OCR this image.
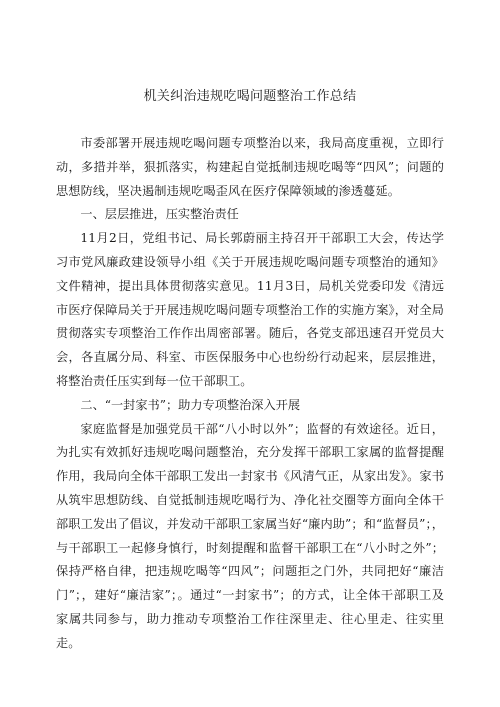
机关纠治违规吃喝问题整治工作总结

市委部署开展违规吃喝问题专项整治以来，我局高度重视，立即行动，多措并举，狠抓落实，构建起自觉抵制违规吃喝等“四风”；问题的思想防线，坚决遏制违规吃喝歪风在医疗保障领域的渗透蔓延。

一、层层推进，压实整治责任

11月2日，党组书记、局长郭蔚丽主持召开干部职工大会，传达学习市党风廉政建设领导小组《关于开展违规吃喝问题专项整治的通知》文件精神，提出具体贯彻落实意见。11月3日，局机关党委印发《清远市医疗保障局关于开展违规吃喝问题专项整治工作的实施方案》，对全局贯彻落实专项整治工作作出周密部署。随后，各党支部迅速召开党员大会，各直属分局、科室、市医保服务中心也纷纷行动起来，层层推进，将整治责任压实到每一位干部职工。

二、“一封家书”；助力专项整治深入开展

家庭监督是加强党员干部“八小时以外”；监督的有效途径。近日，为扎实有效抓好违规吃喝问题整治，充分发挥干部职工家属的监督提醒作用，我局向全体干部职工发出一封家书《风清气正，从家出发》。家书从筑牢思想防线、自觉抵制违规吃喝行为、净化社交圈等方面向全体干部职工发出了倡议，并发动干部职工家属当好“廉内助”；和“监督员”；，与干部职工一起修身慎行，时刻提醒和监督干部职工在“八小时之外”；保持严格自律，把违规吃喝等“四风”；问题拒之门外，共同把好“廉洁门”；，建好“廉洁家”；。通过“一封家书”；的方式，让全体干部职工及家属共同参与，助力推动专项整治工作往深里走、往心里走、往实里走。
